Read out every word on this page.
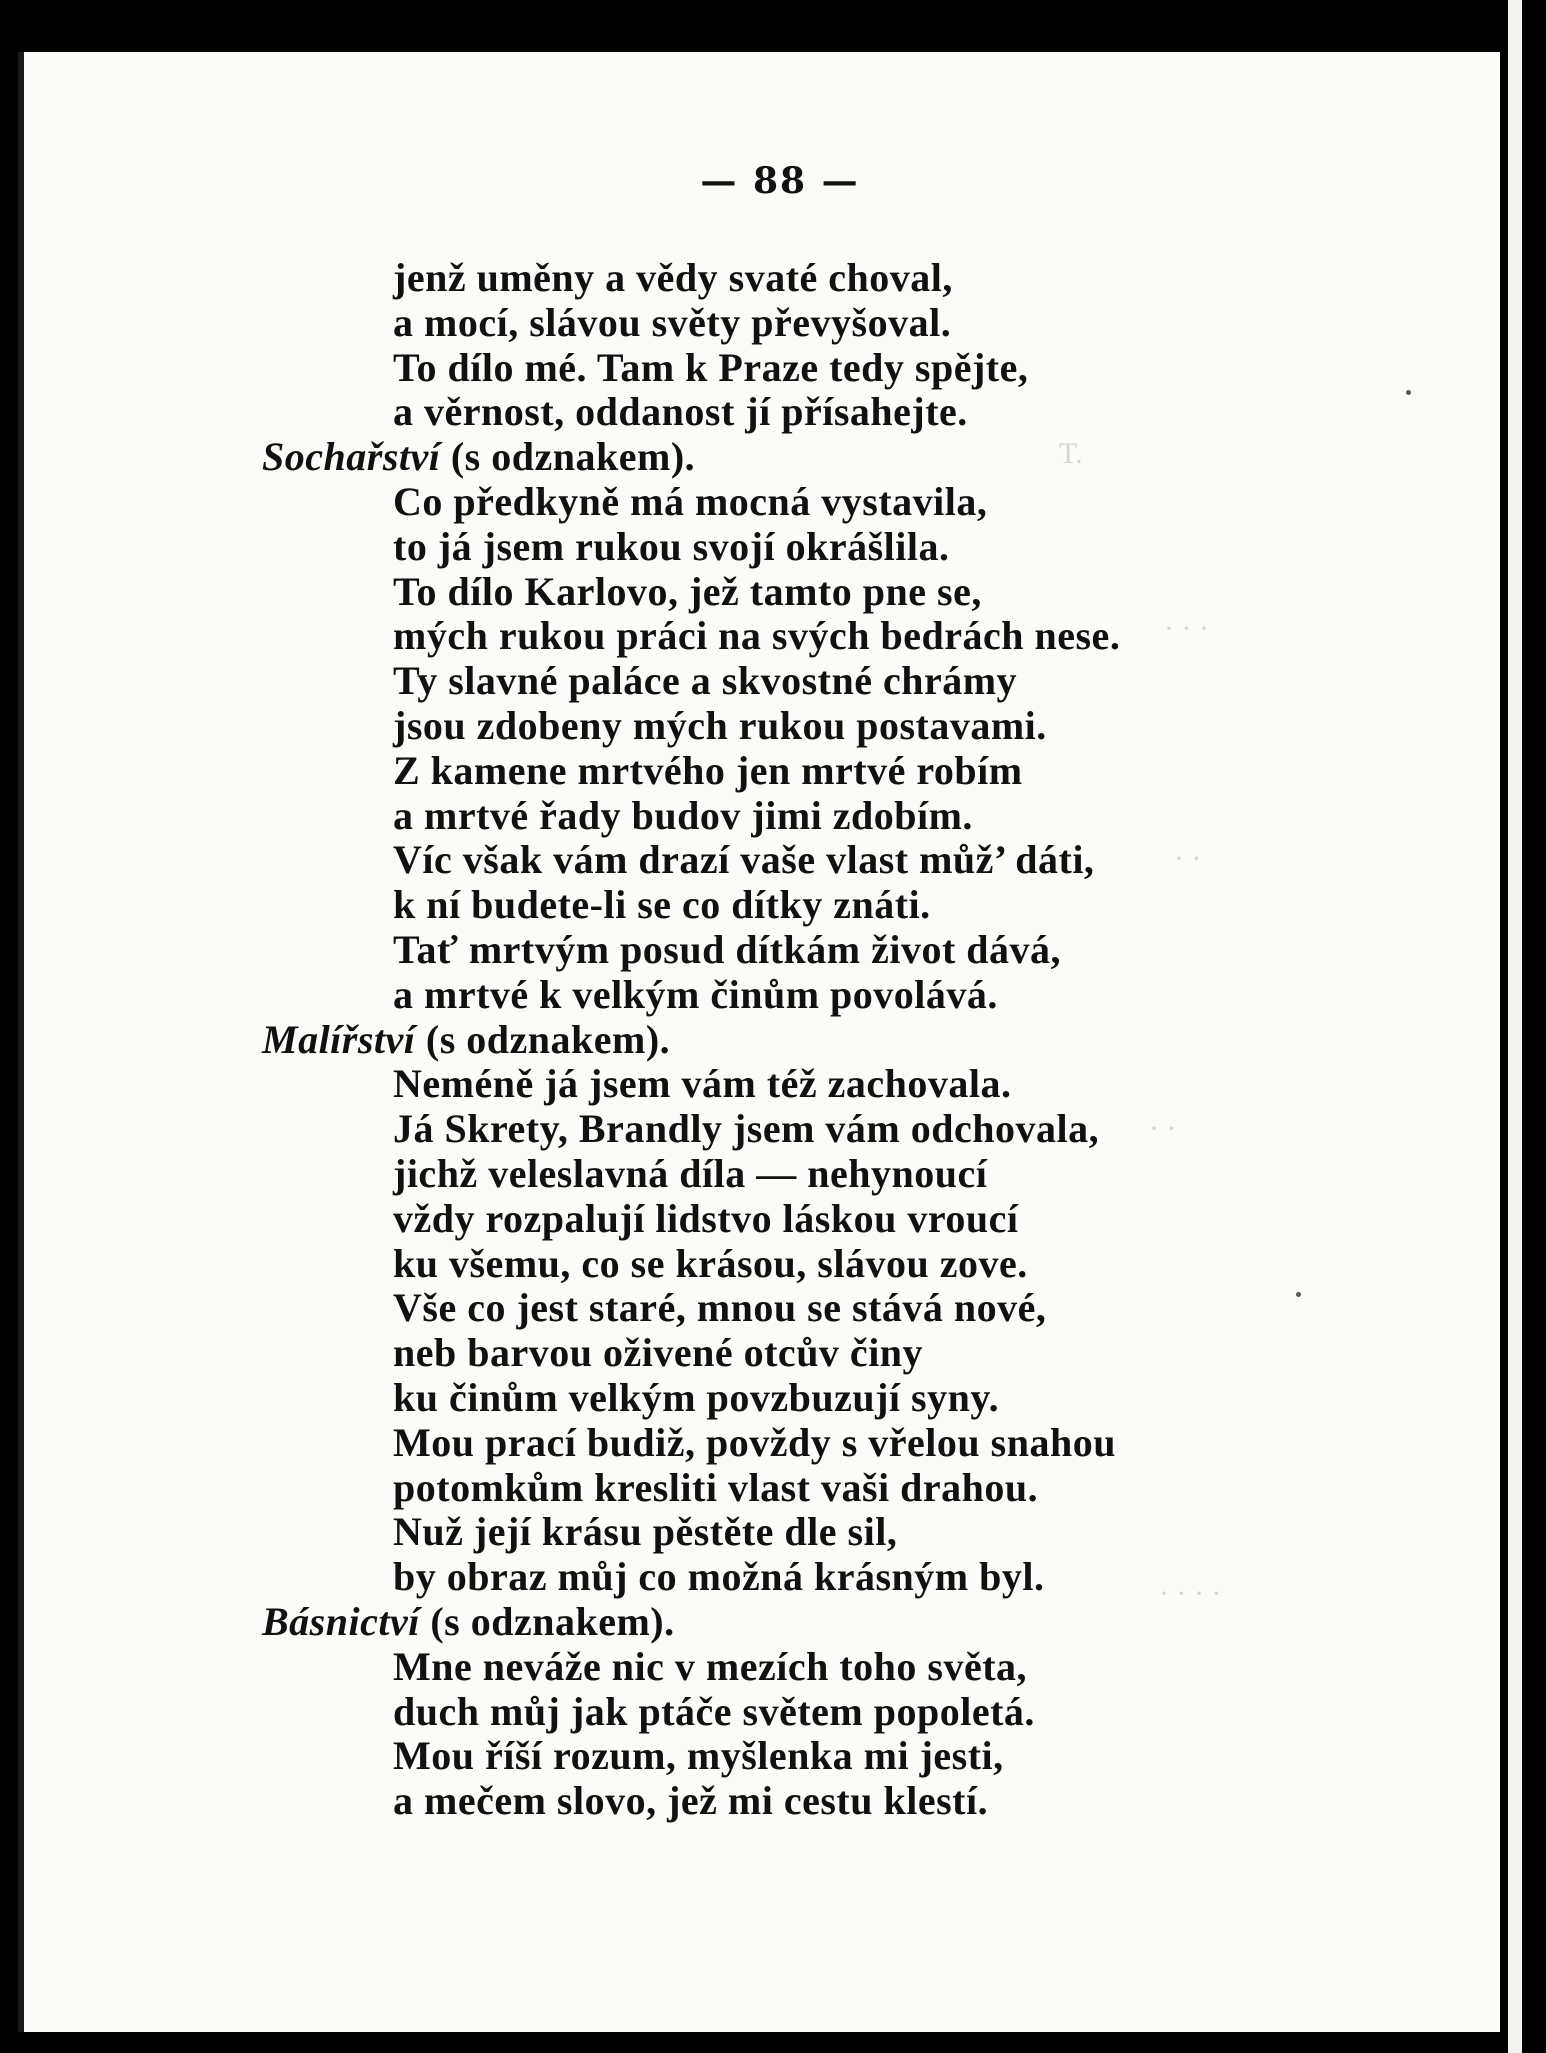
T.
· · ·
· ·
· ·
· · · ·
— 88 —
jenž uměny a vědy svaté choval,
a mocí, slávou světy převyšoval.
To dílo mé. Tam k Praze tedy spějte,
a věrnost, oddanost jí přísahejte.
Sochařství (s odznakem).
Co předkyně má mocná vystavila,
to já jsem rukou svojí okrášlila.
To dílo Karlovo, jež tamto pne se,
mých rukou práci na svých bedrách nese.
Ty slavné paláce a skvostné chrámy
jsou zdobeny mých rukou postavami.
Z kamene mrtvého jen mrtvé robím
a mrtvé řady budov jimi zdobím.
Víc však vám drazí vaše vlast můž’ dáti,
k ní budete-li se co dítky znáti.
Tať mrtvým posud dítkám život dává,
a mrtvé k velkým činům povolává.
Malířství (s odznakem).
Neméně já jsem vám též zachovala.
Já Skrety, Brandly jsem vám odchovala,
jichž veleslavná díla — nehynoucí
vždy rozpalují lidstvo láskou vroucí
ku všemu, co se krásou, slávou zove.
Vše co jest staré, mnou se stává nové,
neb barvou oživené otcův činy
ku činům velkým povzbuzují syny.
Mou prací budiž, povždy s vřelou snahou
potomkům kresliti vlast vaši drahou.
Nuž její krásu pěstěte dle sil,
by obraz můj co možná krásným byl.
Básnictví (s odznakem).
Mne neváže nic v mezích toho světa,
duch můj jak ptáče světem popoletá.
Mou říší rozum, myšlenka mi jesti,
a mečem slovo, jež mi cestu klestí.
